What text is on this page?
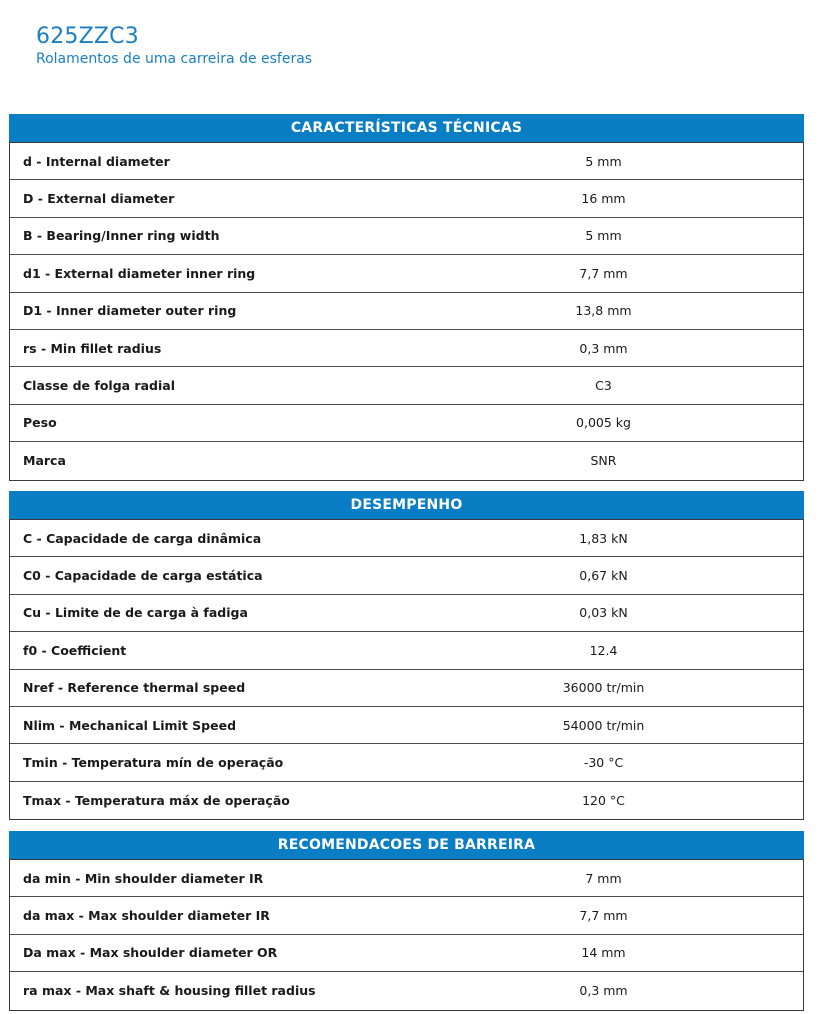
625ZZC3
Rolamentos de uma carreira de esferas
CARACTERÍSTICAS TÉCNICAS
d - Internal diameter	5 mm
D - External diameter	16 mm
B - Bearing/Inner ring width	5 mm
d1 - External diameter inner ring	7,7 mm
D1 - Inner diameter outer ring	13,8 mm
rs - Min fillet radius	0,3 mm
Classe de folga radial	C3
Peso	0,005 kg
Marca	SNR
DESEMPENHO
C - Capacidade de carga dinâmica	1,83 kN
C0 - Capacidade de carga estática	0,67 kN
Cu - Limite de de carga à fadiga	0,03 kN
f0 - Coefficient	12.4
Nref - Reference thermal speed	36000 tr/min
Nlim - Mechanical Limit Speed	54000 tr/min
Tmin - Temperatura mín de operação	-30 °C
Tmax - Temperatura máx de operação	120 °C
RECOMENDACOES DE BARREIRA
da min - Min shoulder diameter IR	7 mm
da max - Max shoulder diameter IR	7,7 mm
Da max - Max shoulder diameter OR	14 mm
ra max - Max shaft & housing fillet radius	0,3 mm
